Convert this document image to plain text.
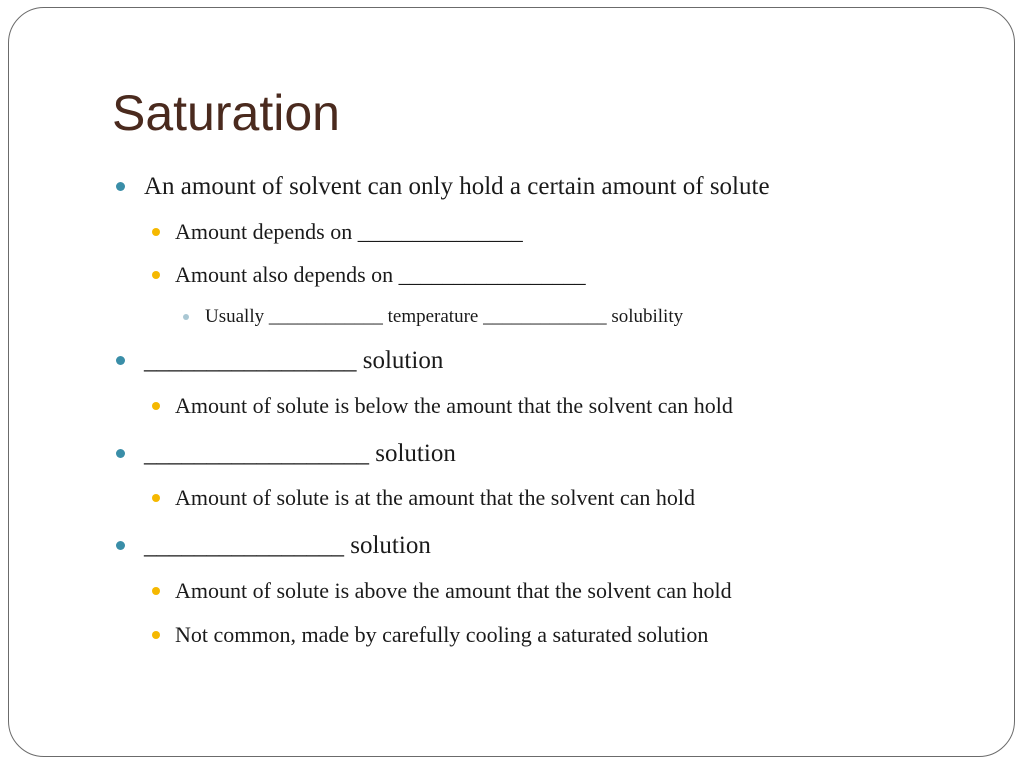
Saturation
An amount of solvent can only hold a certain amount of solute
Amount depends on _______________
Amount also depends on _________________
Usually ____________ temperature _____________ solubility
_________________ solution
Amount of solute is below the amount that the solvent can hold
__________________ solution
Amount of solute is at the amount that the solvent can hold
________________ solution
Amount of solute is above the amount that the solvent can hold
Not common, made by carefully cooling a saturated solution
